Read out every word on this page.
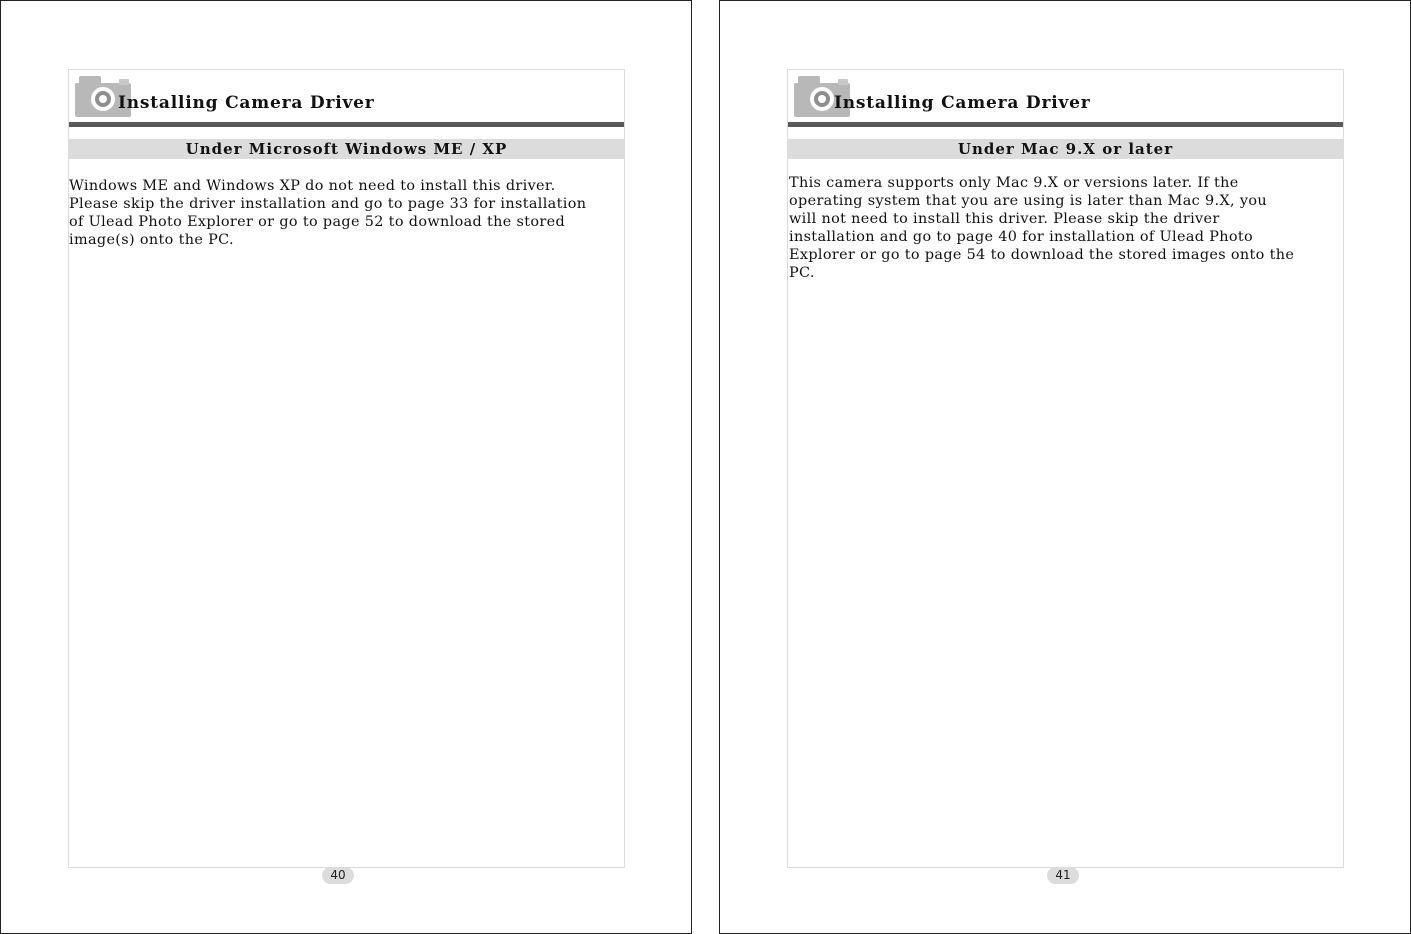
Installing Camera Driver
Under Microsoft Windows ME / XP

Windows ME and Windows XP do not need to install this driver.
Please skip the driver installation and go to page 33 for installation
of Ulead Photo Explorer or go to page 52 to download the stored
image(s) onto the PC.

40
Installing Camera Driver
Under Mac 9.X or later

This camera supports only Mac 9.X or versions later. If the
operating system that you are using is later than Mac 9.X, you
will not need to install this driver. Please skip the driver
installation and go to page 40 for installation of Ulead Photo
Explorer or go to page 54 to download the stored images onto the
PC.

41
